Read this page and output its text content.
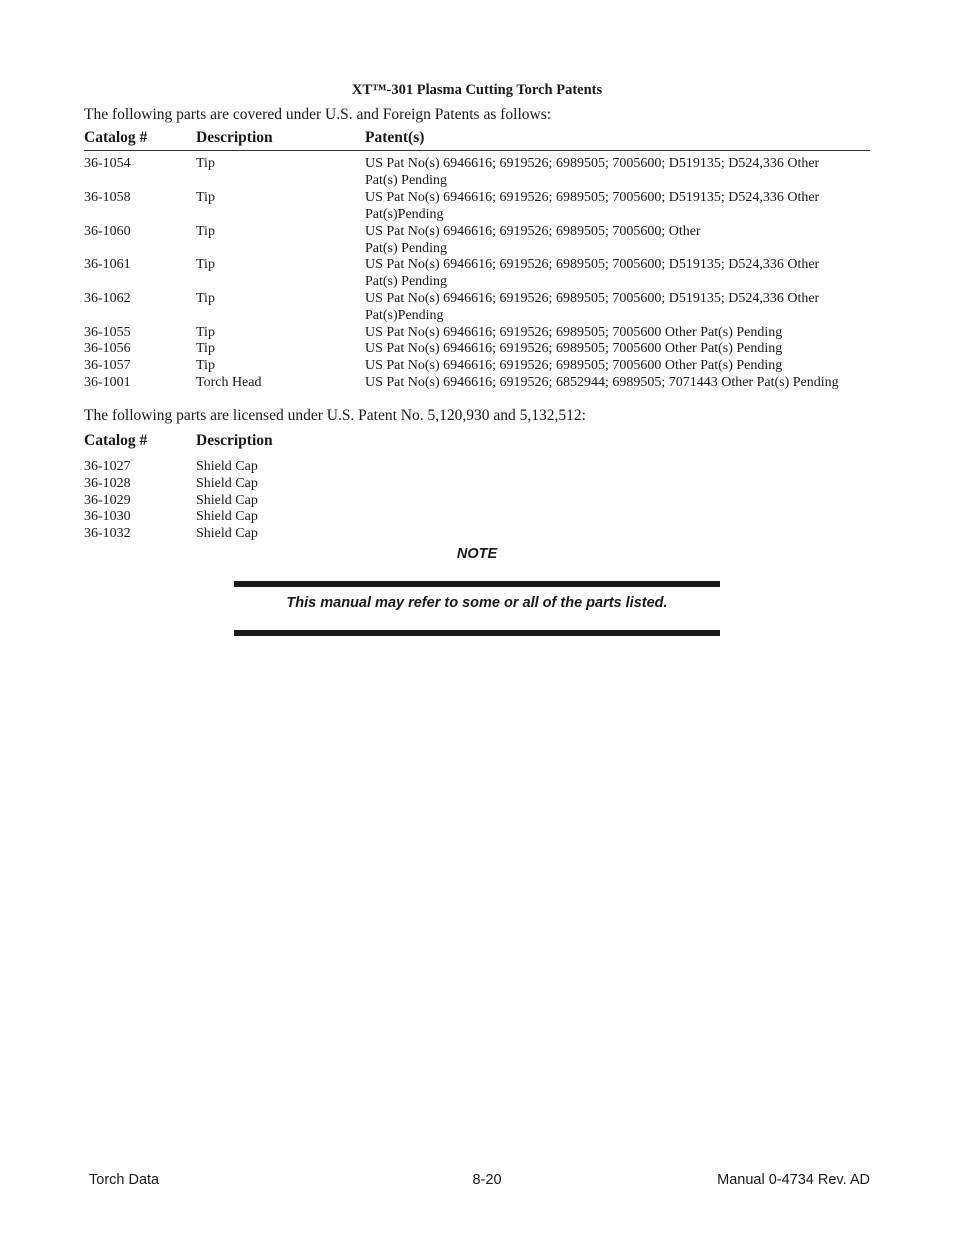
XT™-301 Plasma Cutting Torch Patents
The following parts are covered under U.S. and Foreign Patents as follows:
Catalog #	Description	Patent(s)
36-1054	Tip	US Pat No(s) 6946616; 6919526; 6989505; 7005600; D519135; D524,336 Other
Pat(s) Pending
36-1058	Tip	US Pat No(s) 6946616; 6919526; 6989505; 7005600; D519135; D524,336 Other
Pat(s)Pending
36-1060	Tip	US Pat No(s) 6946616; 6919526; 6989505; 7005600; Other
Pat(s) Pending
36-1061	Tip	US Pat No(s) 6946616; 6919526; 6989505; 7005600; D519135; D524,336 Other
Pat(s) Pending
36-1062	Tip	US Pat No(s) 6946616; 6919526; 6989505; 7005600; D519135; D524,336 Other
Pat(s)Pending
36-1055	Tip	US Pat No(s) 6946616; 6919526; 6989505; 7005600 Other Pat(s) Pending
36-1056	Tip	US Pat No(s) 6946616; 6919526; 6989505; 7005600 Other Pat(s) Pending
36-1057	Tip	US Pat No(s) 6946616; 6919526; 6989505; 7005600 Other Pat(s) Pending
36-1001	Torch Head	US Pat No(s) 6946616; 6919526; 6852944; 6989505; 7071443 Other Pat(s) Pending
The following parts are licensed under U.S. Patent No. 5,120,930 and 5,132,512:
Catalog #	Description
36-1027	Shield Cap
36-1028	Shield Cap
36-1029	Shield Cap
36-1030	Shield Cap
36-1032	Shield Cap
NOTE
This manual may refer to some or all of the parts listed.
Torch Data	8-20	Manual 0-4734 Rev. AD
